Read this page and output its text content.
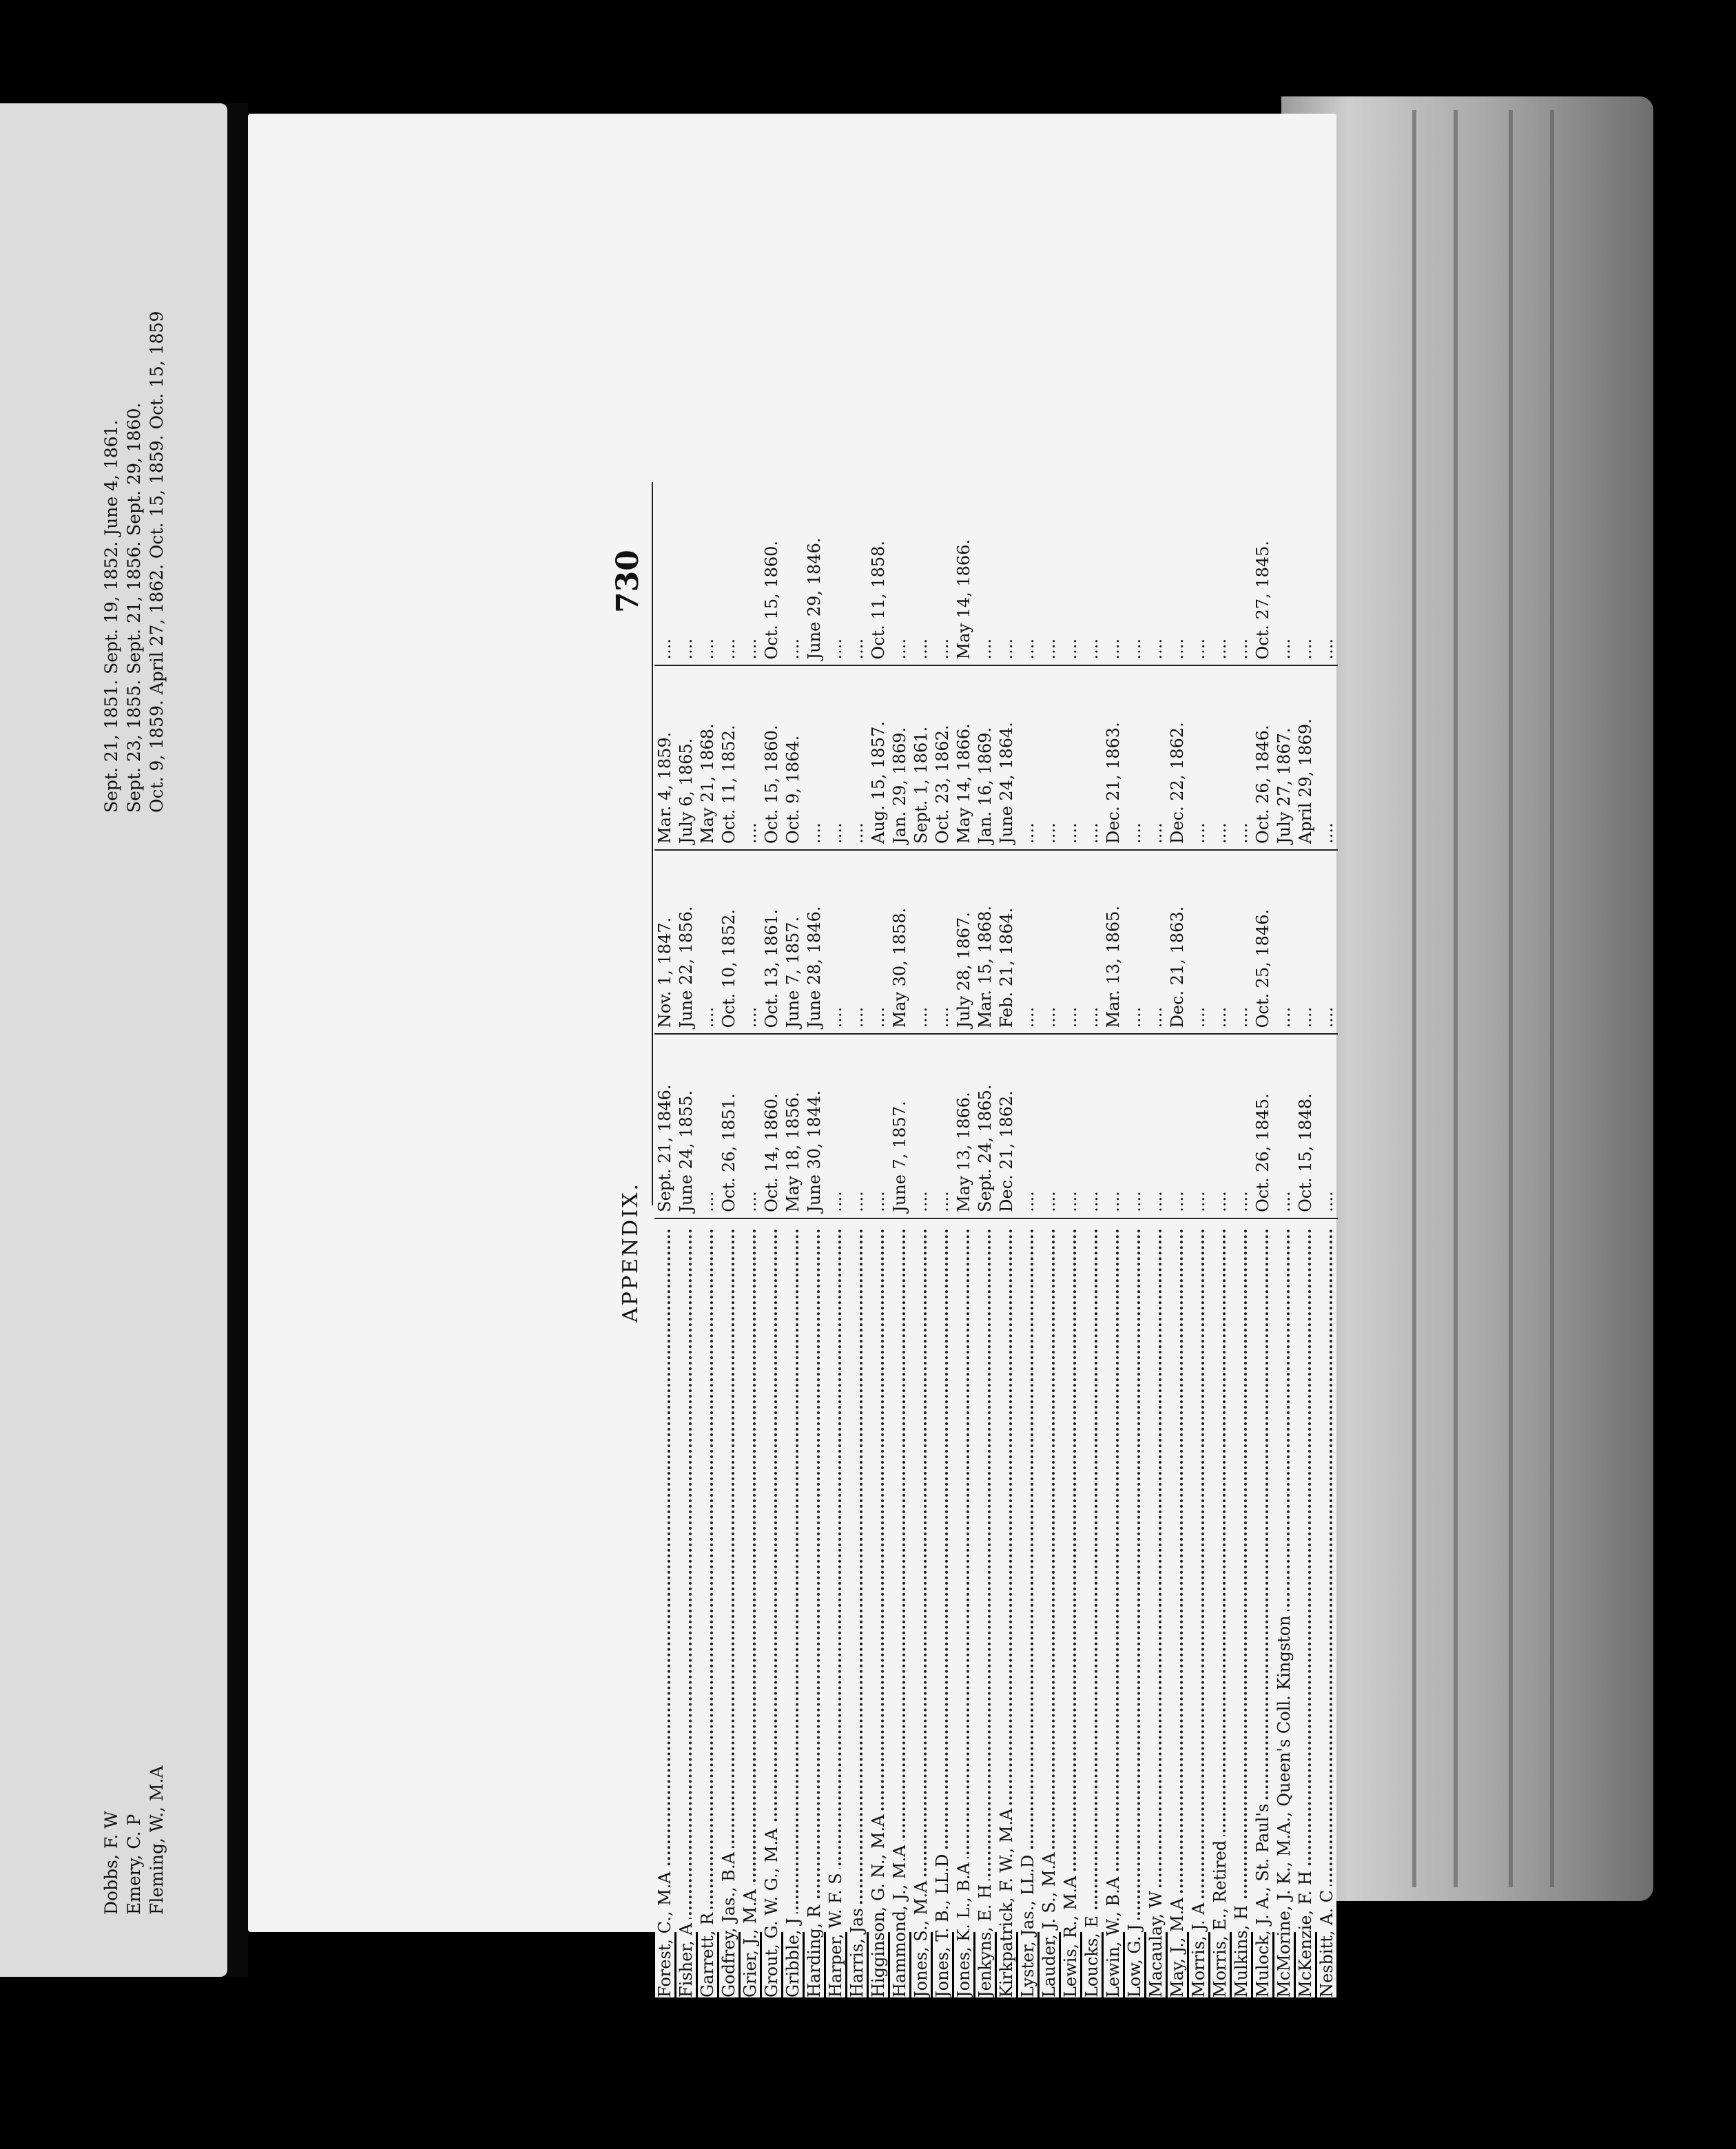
Dobbs, F. W Emery, C. P Fleming, W., M.A
Sept. 21, 1851. Sept. 19, 1852. June 4, 1861. Sept. 23, 1855. Sept. 21, 1856. Sept. 29, 1860. Oct. 9, 1859. April 27, 1862. Oct. 15, 1859. Oct. 15, 1859
APPENDIX.
730
Forest, C., M.A
Sept. 21, 1846.
Nov. 1, 1847.
Mar. 4, 1859.
....
Fisher, A
June 24, 1855.
June 22, 1856.
July 6, 1865.
....
Garrett, R
....
....
May 21, 1868.
....
Godfrey, Jas., B.A
Oct. 26, 1851.
Oct. 10, 1852.
Oct. 11, 1852.
....
Grier, J., M.A
....
....
....
....
Grout, G. W. G., M.A
Oct. 14, 1860.
Oct. 13, 1861.
Oct. 15, 1860.
Oct. 15, 1860.
Gribble, J
May 18, 1856.
June 7, 1857.
Oct. 9, 1864.
....
Harding, R
June 30, 1844.
June 28, 1846.
....
June 29, 1846.
Harper, W. F. S
....
....
....
....
Harris, Jas
....
....
....
....
Higginson, G. N., M.A
....
....
Aug. 15, 1857.
Oct. 11, 1858.
Hammond, J., M.A
June 7, 1857.
May 30, 1858.
Jan. 29, 1869.
....
Jones, S., M.A
....
....
Sept. 1, 1861.
....
Jones, T. B., LL.D
....
....
Oct. 23, 1862.
....
Jones, K. L., B.A
May 13, 1866.
July 28, 1867.
May 14, 1866.
May 14, 1866.
Jenkyns, E. H
Sept. 24, 1865.
Mar. 15, 1868.
Jan. 16, 1869.
....
Kirkpatrick, F. W., M.A
Dec. 21, 1862.
Feb. 21, 1864.
June 24, 1864.
....
Lyster, Jas., LL.D
....
....
....
....
Lauder, J. S., M.A
....
....
....
....
Lewis, R., M.A
....
....
....
....
Loucks, E
....
....
....
....
Lewin, W., B.A
....
Mar. 13, 1865.
Dec. 21, 1863.
....
Low, G. J
....
....
....
....
Macaulay, W
....
....
....
....
May, J., M.A
....
Dec. 21, 1863.
Dec. 22, 1862.
....
Morris, J. A
....
....
....
....
Morris, E., Retired
....
....
....
....
Mulkins, H
....
....
....
....
Mulock, J. A., St. Paul's
Oct. 26, 1845.
Oct. 25, 1846.
Oct. 26, 1846.
Oct. 27, 1845.
McMorine, J. K., M.A., Queen's Coll. Kingston
....
....
July 27, 1867.
....
McKenzie, F. H
Oct. 15, 1848.
....
April 29, 1869.
....
Nesbitt, A. C
....
....
....
....
